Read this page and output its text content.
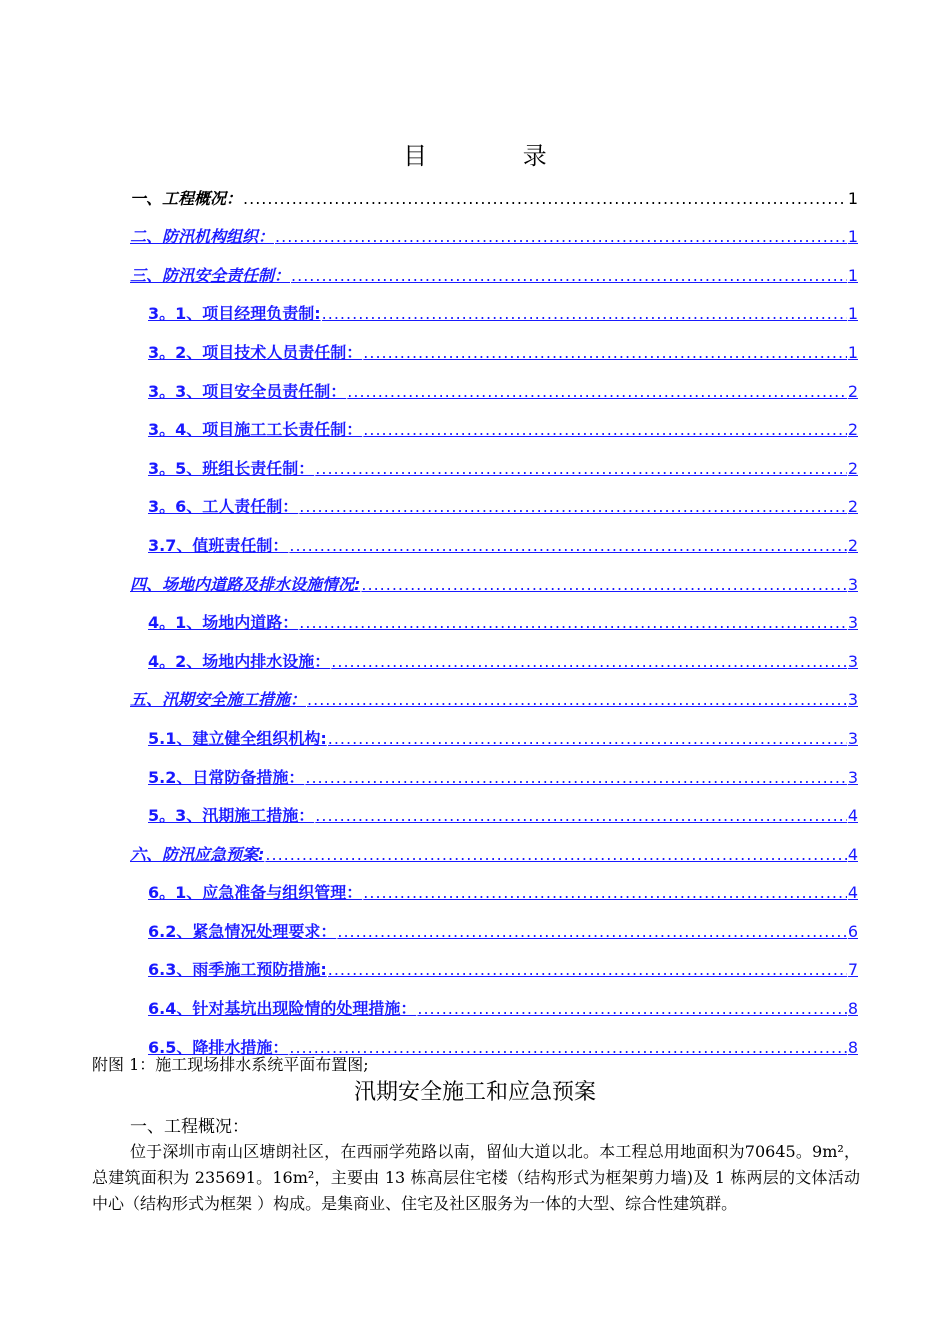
目 录
一、工程概况： .....	1
二、防汛机构组织： .....	1
三、防汛安全责任制： .....	1
3。1、项目经理负责制: .....	1
3。2、项目技术人员责任制： .....	1
3。3、项目安全员责任制： .....	2
3。4、项目施工工长责任制： .....	2
3。5、班组长责任制： .....	2
3。6、工人责任制： .....	2
3.7、值班责任制： .....	2
四、场地内道路及排水设施情况: .....	3
4。1、场地内道路： .....	3
4。2、场地内排水设施： .....	3
五、汛期安全施工措施： .....	3
5.1、建立健全组织机构: .....	3
5.2、日常防备措施： .....	3
5。3、汛期施工措施： .....	4
六、防汛应急预案: .....	4
6。1、应急准备与组织管理： .....	4
6.2、紧急情况处理要求： .....	6
6.3、雨季施工预防措施: .....	7
6.4、针对基坑出现险情的处理措施： .....	8
6.5、降排水措施： .....	8
附图 1：施工现场排水系统平面布置图;
汛期安全施工和应急预案
一、工程概况：
位于深圳市南山区塘朗社区，在西丽学苑路以南，留仙大道以北。本工程总用地面积为70645。9m²，总建筑面积为 235691。16m²，主要由 13 栋高层住宅楼（结构形式为框架剪力墙)及 1 栋两层的文体活动中心（结构形式为框架 ）构成。是集商业、住宅及社区服务为一体的大型、综合性建筑群。
